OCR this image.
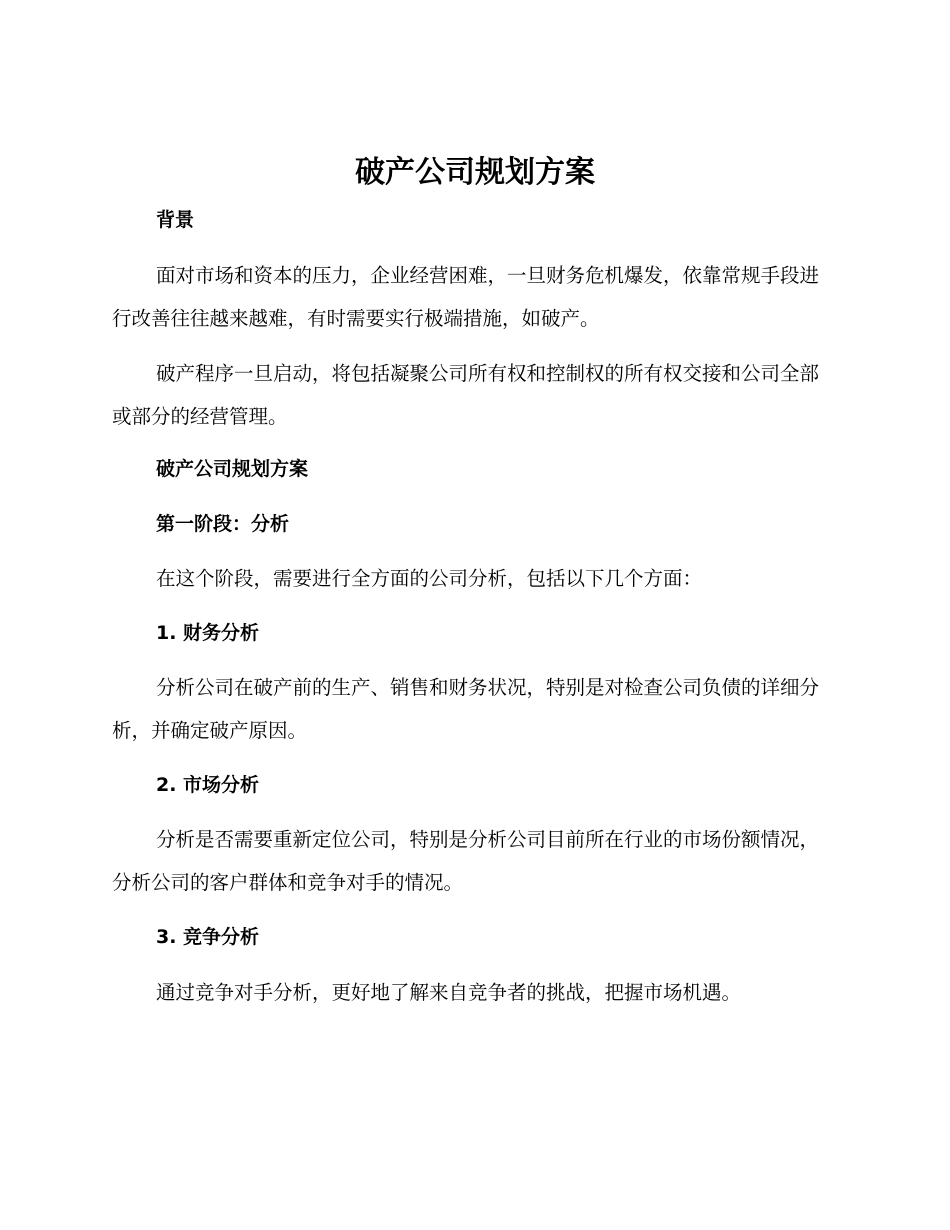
破产公司规划方案
背景

面对市场和资本的压力，企业经营困难，一旦财务危机爆发，依靠常规手段进行改善往往越来越难，有时需要实行极端措施，如破产。

破产程序一旦启动，将包括凝聚公司所有权和控制权的所有权交接和公司全部或部分的经营管理。

破产公司规划方案
第一阶段：分析

在这个阶段，需要进行全方面的公司分析，包括以下几个方面：

1. 财务分析

分析公司在破产前的生产、销售和财务状况，特别是对检查公司负债的详细分析，并确定破产原因。

2. 市场分析

分析是否需要重新定位公司，特别是分析公司目前所在行业的市场份额情况，分析公司的客户群体和竞争对手的情况。

3. 竞争分析

通过竞争对手分析，更好地了解来自竞争者的挑战，把握市场机遇。
